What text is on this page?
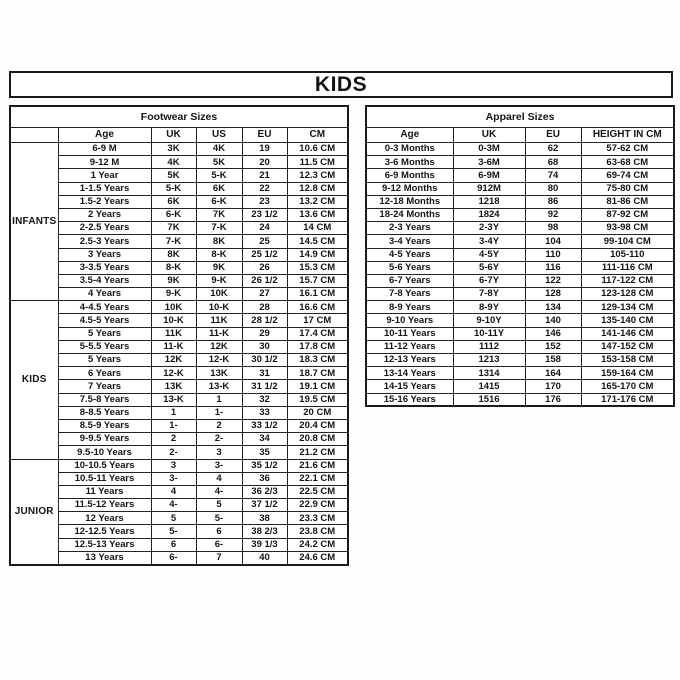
KIDS
Footwear Sizes					
	Age	UK	US	EU	CM
INFANTS	6-9 M	3K	4K	19	10.6 CM
	9-12 M	4K	5K	20	11.5 CM
	1 Year	5K	5-K	21	12.3 CM
	1-1.5 Years	5-K	6K	22	12.8 CM
	1.5-2 Years	6K	6-K	23	13.2 CM
	2 Years	6-K	7K	23 1/2	13.6 CM
	2-2.5 Years	7K	7-K	24	14 CM
	2.5-3 Years	7-K	8K	25	14.5 CM
	3 Years	8K	8-K	25 1/2	14.9 CM
	3-3.5 Years	8-K	9K	26	15.3 CM
	3.5-4 Years	9K	9-K	26 1/2	15.7 CM
	4 Years	9-K	10K	27	16.1 CM
KIDS	4-4.5 Years	10K	10-K	28	16.6 CM
	4.5-5 Years	10-K	11K	28 1/2	17 CM
	5 Years	11K	11-K	29	17.4 CM
	5-5.5 Years	11-K	12K	30	17.8 CM
	5 Years	12K	12-K	30 1/2	18.3 CM
	6 Years	12-K	13K	31	18.7 CM
	7 Years	13K	13-K	31 1/2	19.1 CM
	7.5-8 Years	13-K	1	32	19.5 CM
	8-8.5 Years	1	1-	33	20 CM
	8.5-9 Years	1-	2	33 1/2	20.4 CM
	9-9.5 Years	2	2-	34	20.8 CM
	9.5-10 Years	2-	3	35	21.2 CM
JUNIOR	10-10.5 Years	3	3-	35 1/2	21.6 CM
	10.5-11 Years	3-	4	36	22.1 CM
	11 Years	4	4-	36 2/3	22.5 CM
	11.5-12 Years	4-	5	37 1/2	22.9 CM
	12 Years	5	5-	38	23.3 CM
	12-12.5 Years	5-	6	38 2/3	23.8 CM
	12.5-13 Years	6	6-	39 1/3	24.2 CM
	13 Years	6-	7	40	24.6 CM
Apparel Sizes			
Age	UK	EU	HEIGHT IN CM
0-3 Months	0-3M	62	57-62 CM
3-6 Months	3-6M	68	63-68 CM
6-9 Months	6-9M	74	69-74 CM
9-12 Months	912M	80	75-80 CM
12-18 Months	1218	86	81-86 CM
18-24 Months	1824	92	87-92 CM
2-3 Years	2-3Y	98	93-98 CM
3-4 Years	3-4Y	104	99-104 CM
4-5 Years	4-5Y	110	105-110
5-6 Years	5-6Y	116	111-116 CM
6-7 Years	6-7Y	122	117-122 CM
7-8 Years	7-8Y	128	123-128 CM
8-9 Years	8-9Y	134	129-134 CM
9-10 Years	9-10Y	140	135-140 CM
10-11 Years	10-11Y	146	141-146 CM
11-12 Years	1112	152	147-152 CM
12-13 Years	1213	158	153-158 CM
13-14 Years	1314	164	159-164 CM
14-15 Years	1415	170	165-170 CM
15-16 Years	1516	176	171-176 CM
